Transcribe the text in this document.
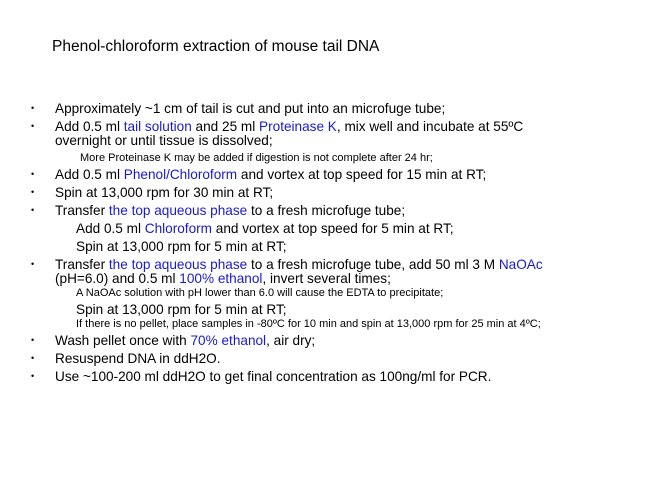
Phenol-chloroform extraction of mouse tail DNA
• Approximately ~1 cm of tail is cut and put into an microfuge tube;
• Add 0.5 ml tail solution and 25 ml Proteinase K, mix well and incubate at 55ºC
overnight or until tissue is dissolved;
More Proteinase K may be added if digestion is not complete after 24 hr;
• Add 0.5 ml Phenol/Chloroform and vortex at top speed for 15 min at RT;
• Spin at 13,000 rpm for 30 min at RT;
• Transfer the top aqueous phase to a fresh microfuge tube;
Add 0.5 ml Chloroform and vortex at top speed for 5 min at RT;
Spin at 13,000 rpm for 5 min at RT;
• Transfer the top aqueous phase to a fresh microfuge tube, add 50 ml 3 M NaOAc
(pH=6.0) and 0.5 ml 100% ethanol, invert several times;
A NaOAc solution with pH lower than 6.0 will cause the EDTA to precipitate;
Spin at 13,000 rpm for 5 min at RT;
If there is no pellet, place samples in -80ºC for 10 min and spin at 13,000 rpm for 25 min at 4ºC;
• Wash pellet once with 70% ethanol, air dry;
• Resuspend DNA in ddH2O.
• Use ~100-200 ml ddH2O to get final concentration as 100ng/ml for PCR.
